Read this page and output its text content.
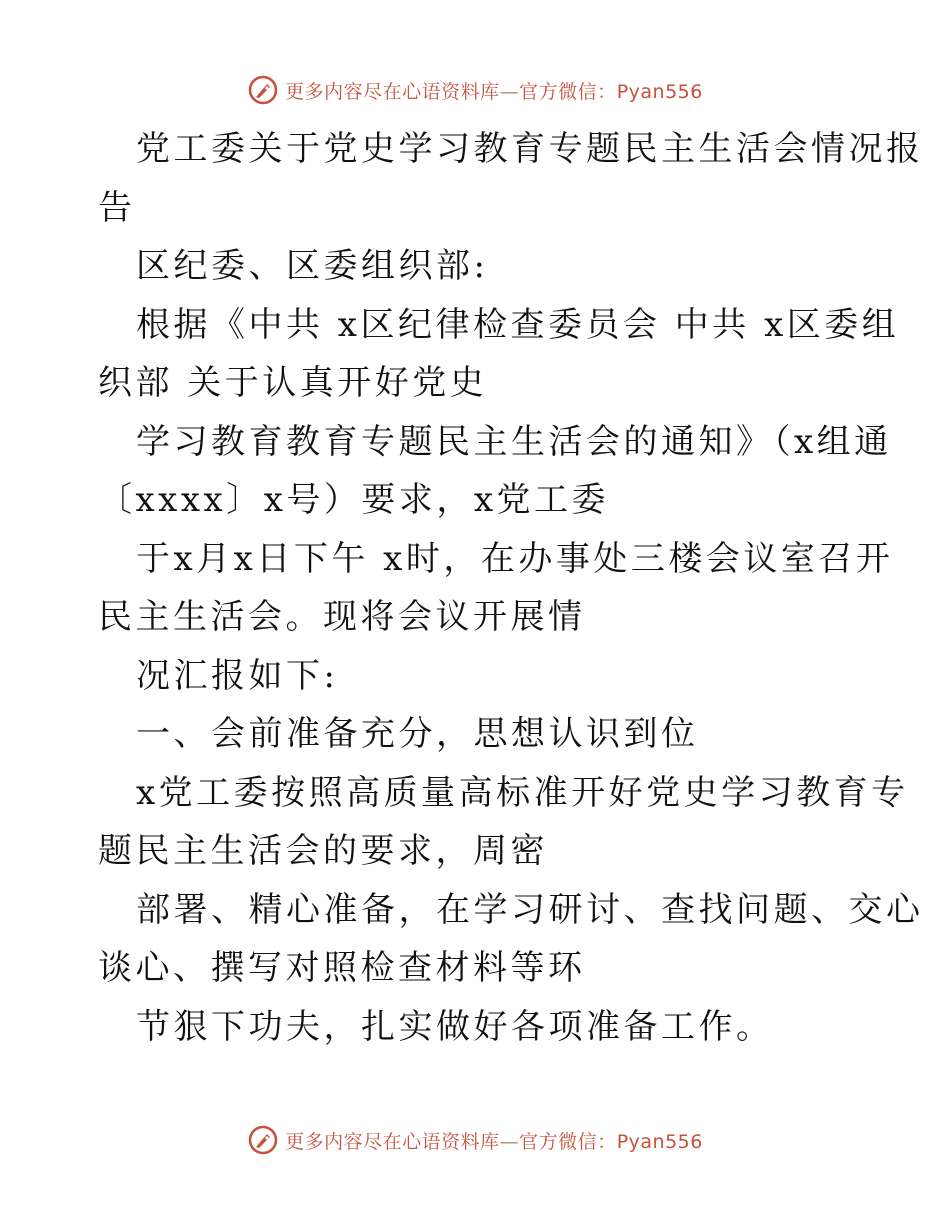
更多内容尽在心语资料库—官方微信：Pyan556
党工委关于党史学习教育专题民主生活会情况报
告
区纪委、区委组织部:
根据《中共 x区纪律检查委员会 中共 x区委组
织部 关于认真开好党史
学习教育教育专题民主生活会的通知》（x组通
〔xxxx〕x号）要求，x党工委
于x月x日下午 x时，在办事处三楼会议室召开
民主生活会。现将会议开展情
况汇报如下:
一、会前准备充分，思想认识到位
x党工委按照高质量高标准开好党史学习教育专
题民主生活会的要求，周密
部署、精心准备，在学习研讨、查找问题、交心
谈心、撰写对照检查材料等环
节狠下功夫，扎实做好各项准备工作。
更多内容尽在心语资料库—官方微信：Pyan556
